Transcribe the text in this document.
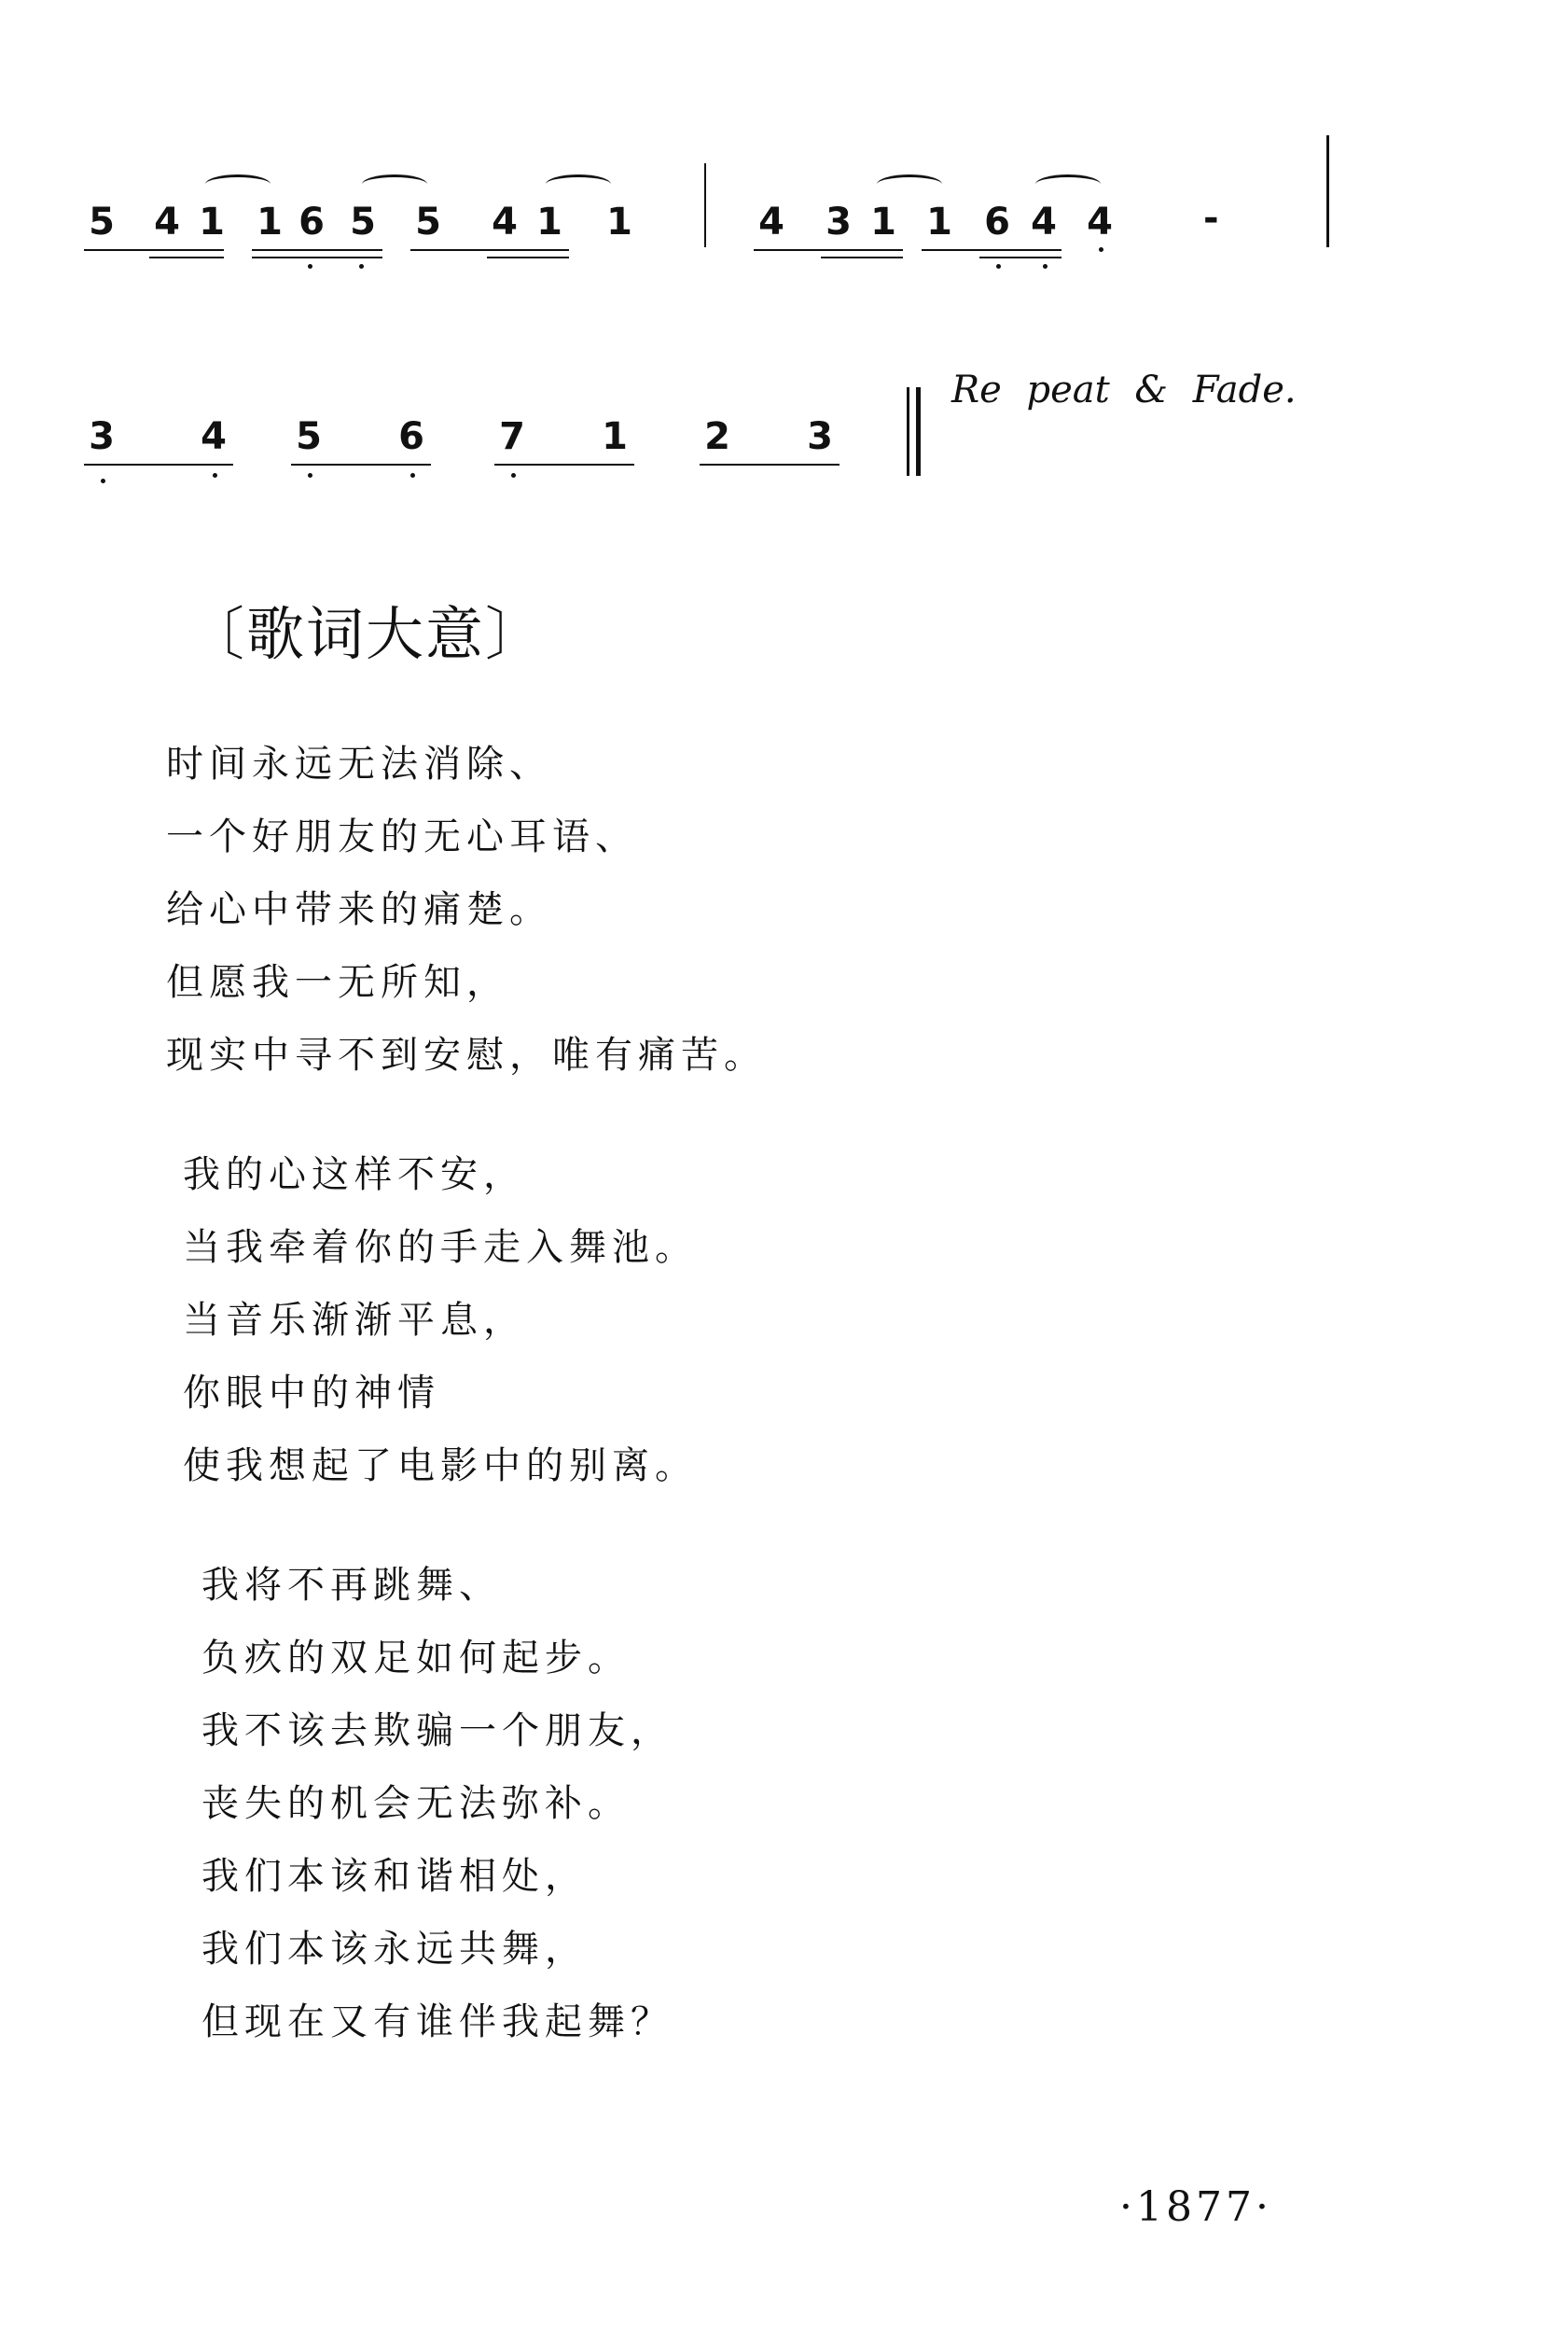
5 4 1 1 6 5 5 4 1 1	4 3 1 1 6 4 4 -
3 4 5 6 7 1 2 3
Re peat & Fade.
〔歌词大意〕

时间永远无法消除、

一个好朋友的无心耳语、

给心中带来的痛楚。

但愿我一无所知，

现实中寻不到安慰，唯有痛苦。

我的心这样不安，

当我牵着你的手走入舞池。

当音乐渐渐平息，

你眼中的神情

使我想起了电影中的别离。

我将不再跳舞、

负疚的双足如何起步。

我不该去欺骗一个朋友，

丧失的机会无法弥补。

我们本该和谐相处，

我们本该永远共舞，

但现在又有谁伴我起舞？

·1877·
